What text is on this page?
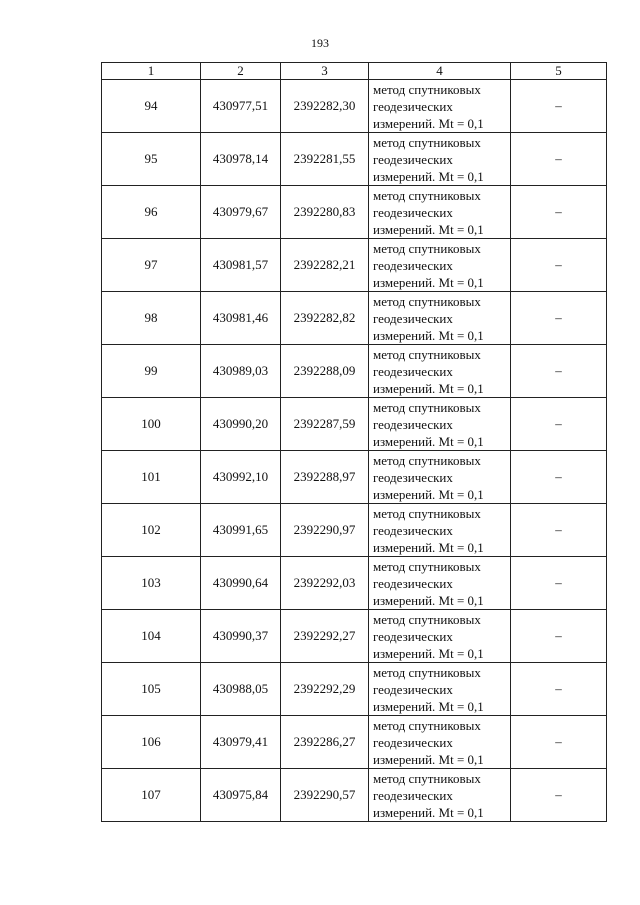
193
1	2	3	4	5
94	430977,51	2392282,30	метод спутниковых
геодезических
измерений. Mt = 0,1	–
95	430978,14	2392281,55	метод спутниковых
геодезических
измерений. Mt = 0,1	–
96	430979,67	2392280,83	метод спутниковых
геодезических
измерений. Mt = 0,1	–
97	430981,57	2392282,21	метод спутниковых
геодезических
измерений. Mt = 0,1	–
98	430981,46	2392282,82	метод спутниковых
геодезических
измерений. Mt = 0,1	–
99	430989,03	2392288,09	метод спутниковых
геодезических
измерений. Mt = 0,1	–
100	430990,20	2392287,59	метод спутниковых
геодезических
измерений. Mt = 0,1	–
101	430992,10	2392288,97	метод спутниковых
геодезических
измерений. Mt = 0,1	–
102	430991,65	2392290,97	метод спутниковых
геодезических
измерений. Mt = 0,1	–
103	430990,64	2392292,03	метод спутниковых
геодезических
измерений. Mt = 0,1	–
104	430990,37	2392292,27	метод спутниковых
геодезических
измерений. Mt = 0,1	–
105	430988,05	2392292,29	метод спутниковых
геодезических
измерений. Mt = 0,1	–
106	430979,41	2392286,27	метод спутниковых
геодезических
измерений. Mt = 0,1	–
107	430975,84	2392290,57	метод спутниковых
геодезических
измерений. Mt = 0,1	–
